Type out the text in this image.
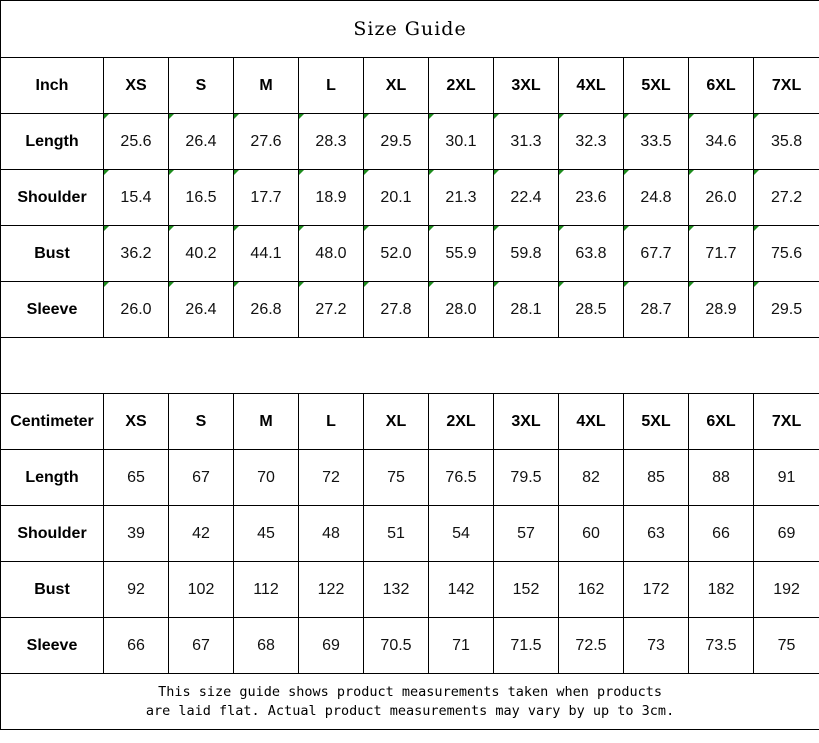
Size Guide											
Inch	XS	S	M	L	XL	2XL	3XL	4XL	5XL	6XL	7XL
Length	25.6	26.4	27.6	28.3	29.5	30.1	31.3	32.3	33.5	34.6	35.8
Shoulder	15.4	16.5	17.7	18.9	20.1	21.3	22.4	23.6	24.8	26.0	27.2
Bust	36.2	40.2	44.1	48.0	52.0	55.9	59.8	63.8	67.7	71.7	75.6
Sleeve	26.0	26.4	26.8	27.2	27.8	28.0	28.1	28.5	28.7	28.9	29.5

Centimeter	XS	S	M	L	XL	2XL	3XL	4XL	5XL	6XL	7XL
Length	65	67	70	72	75	76.5	79.5	82	85	88	91
Shoulder	39	42	45	48	51	54	57	60	63	66	69
Bust	92	102	112	122	132	142	152	162	172	182	192
Sleeve	66	67	68	69	70.5	71	71.5	72.5	73	73.5	75

This size guide shows product measurements taken when products
are laid flat. Actual product measurements may vary by up to 3cm.											
